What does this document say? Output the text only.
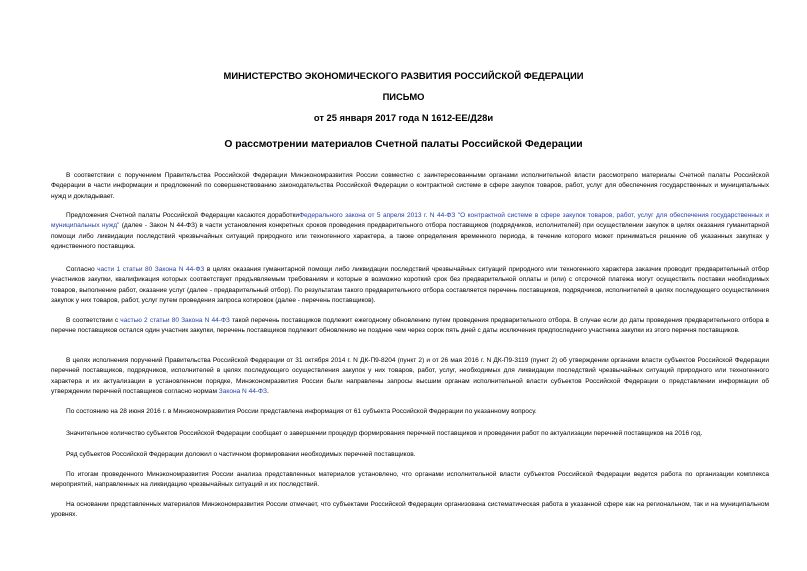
МИНИСТЕРСТВО ЭКОНОМИЧЕСКОГО РАЗВИТИЯ РОССИЙСКОЙ ФЕДЕРАЦИИ
ПИСЬМО
от 25 января 2017 года N 1612-ЕЕ/Д28и
О рассмотрении материалов Счетной палаты Российской Федерации

В соответствии с поручением Правительства Российской Федерации Минэкономразвития России совместно с заинтересованными органами исполнительной власти рассмотрело материалы Счетной палаты Российской Федерации в части информации и предложений по совершенствованию законодательства Российской Федерации о контрактной системе в сфере закупок товаров, работ, услуг для обеспечения государственных и муниципальных нужд и докладывает.

Предложения Счетной палаты Российской Федерации касаются доработкиФедерального закона от 5 апреля 2013 г. N 44-ФЗ "О контрактной системе в сфере закупок товаров, работ, услуг для обеспечения государственных и муниципальных нужд" (далее - Закон N 44-ФЗ) в части установления конкретных сроков проведения предварительного отбора поставщиков (подрядчиков, исполнителей) при осуществлении закупок в целях оказания гуманитарной помощи либо ликвидации последствий чрезвычайных ситуаций природного или техногенного характера, а также определения временного периода, в течение которого может приниматься решение об указанных закупках у единственного поставщика.

Согласно части 1 статьи 80 Закона N 44-ФЗ в целях оказания гуманитарной помощи либо ликвидации последствий чрезвычайных ситуаций природного или техногенного характера заказчик проводит предварительный отбор участников закупки, квалификация которых соответствует предъявляемым требованиям и которые в возможно короткий срок без предварительной оплаты и (или) с отсрочкой платежа могут осуществить поставки необходимых товаров, выполнение работ, оказание услуг (далее - предварительный отбор). По результатам такого предварительного отбора составляется перечень поставщиков, подрядчиков, исполнителей в целях последующего осуществления закупок у них товаров, работ, услуг путем проведения запроса котировок (далее - перечень поставщиков).

В соответствии с частью 2 статьи 80 Закона N 44-ФЗ такой перечень поставщиков подлежит ежегодному обновлению путем проведения предварительного отбора. В случае если до даты проведения предварительного отбора в перечне поставщиков остался один участник закупки, перечень поставщиков подлежит обновлению не позднее чем через сорок пять дней с даты исключения предпоследнего участника закупки из этого перечня поставщиков.

В целях исполнения поручений Правительства Российской Федерации от 31 октября 2014 г. N ДК-П9-8204 (пункт 2) и от 26 мая 2016 г. N ДК-П9-3119 (пункт 2) об утверждении органами власти субъектов Российской Федерации перечней поставщиков, подрядчиков, исполнителей в целях последующего осуществления закупок у них товаров, работ, услуг, необходимых для ликвидации последствий чрезвычайных ситуаций природного или техногенного характера и их актуализации в установленном порядке, Минэкономразвития России были направлены запросы высшим органам исполнительной власти субъектов Российской Федерации о представлении информации об утверждении перечней поставщиков согласно нормам Закона N 44-ФЗ.

По состоянию на 28 июня 2016 г. в Минэкономразвития России представлена информация от 61 субъекта Российской Федерации по указанному вопросу.

Значительное количество субъектов Российской Федерации сообщает о завершении процедур формирования перечней поставщиков и проведении работ по актуализации перечней поставщиков на 2016 год.

Ряд субъектов Российской Федерации доложил о частичном формировании необходимых перечней поставщиков.

По итогам проведенного Минэкономразвития России анализа представленных материалов установлено, что органами исполнительной власти субъектов Российской Федерации ведется работа по организации комплекса мероприятий, направленных на ликвидацию чрезвычайных ситуаций и их последствий.

На основании представленных материалов Минэкономразвития России отмечает, что субъектами Российской Федерации организована систематическая работа в указанной сфере как на региональном, так и на муниципальном уровнях.
